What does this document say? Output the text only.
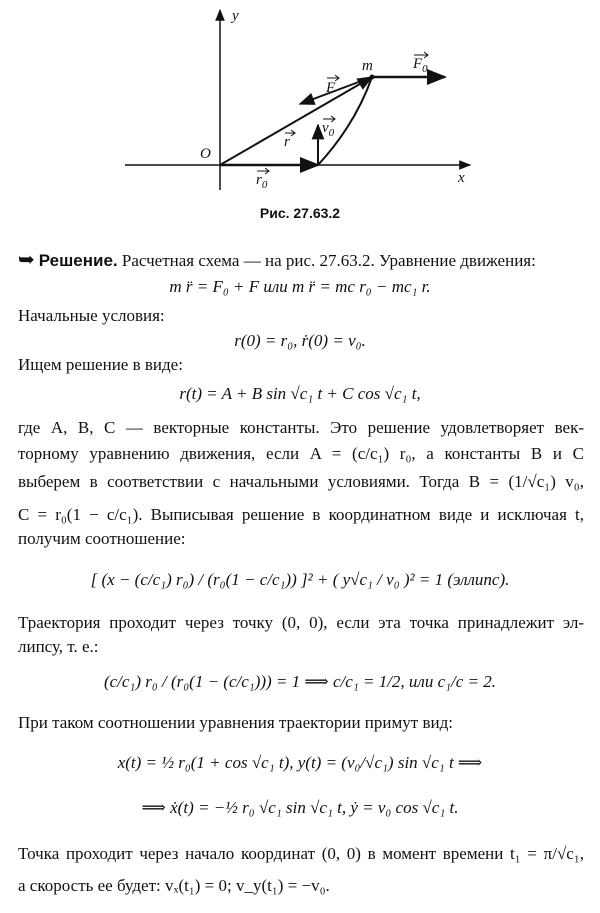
y
x
O
m	$F_0$
F
r
$v_0$
$r_0$
Рис. 27.63.2
➥ Решение. Расчетная схема — на рис. 27.63.2. Уравнение движения:
m r̈ = F₀ + F или m r̈ = mc r₀ − mc₁ r.
Начальные условия:
r(0) = r₀, ṙ(0) = v₀.
Ищем решение в виде:
r(t) = A + B sin √c₁ t + C cos √c₁ t,
где A, B, C — векторные константы. Это решение удовлетворяет век-
торному уравнению движения, если A = (c/c₁) r₀, а константы B и C
выберем в соответствии с начальными условиями. Тогда B = (1/√c₁) v₀,
C = r₀(1 − c/c₁). Выписывая решение в координатном виде и исключая t,
получим соотношение:
[ (x − (c/c₁) r₀) / (r₀(1 − c/c₁)) ]² + ( y√c₁ / v₀ )² = 1 (эллипс).
Траектория проходит через точку (0, 0), если эта точка принадлежит эл-
липсу, т. е.:
(c/c₁) r₀ / (r₀(1 − (c/c₁))) = 1 ⟹ c/c₁ = 1/2, или c₁/c = 2.
При таком соотношении уравнения траектории примут вид:
x(t) = ½ r₀(1 + cos √c₁ t), y(t) = (v₀/√c₁) sin √c₁ t ⟹
⟹ ẋ(t) = −½ r₀ √c₁ sin √c₁ t, ẏ = v₀ cos √c₁ t.
Точка проходит через начало координат (0, 0) в момент времени t₁ = π/√c₁,
а скорость ее будет: vₓ(t₁) = 0; v_y(t₁) = −v₀.
